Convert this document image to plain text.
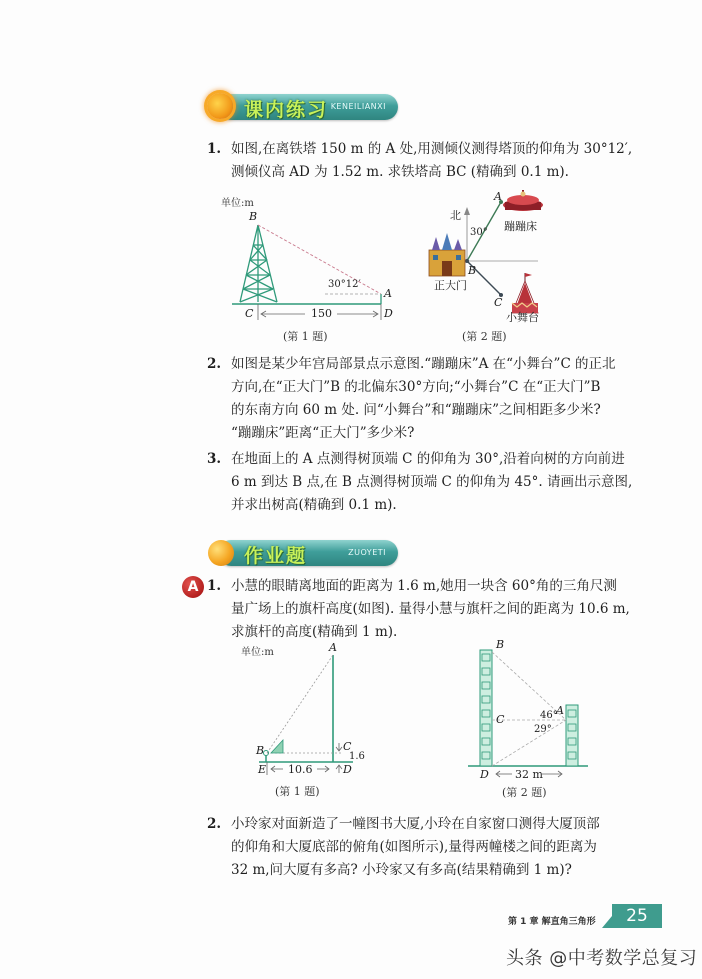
课内练习 KENEILIANXI
1. 如图,在离铁塔 150 m 的 A 处,用测倾仪测得塔顶的仰角为 30°12′,
测倾仪高 AD 为 1.52 m. 求铁塔高 BC (精确到 0.1 m).
单位:m
B
30°12′
A
C	D
150
(第 1 题)
北
30°
A
蹦蹦床
B
正大门
C
小舞台
(第 2 题)
2. 如图是某少年宫局部景点示意图.“蹦蹦床”A 在“小舞台”C 的正北
方向,在“正大门”B 的北偏东30°方向;“小舞台”C 在“正大门”B
的东南方向 60 m 处. 问“小舞台”和“蹦蹦床”之间相距多少米?
“蹦蹦床”距离“正大门”多少米?
3. 在地面上的 A 点测得树顶端 C 的仰角为 30°,沿着向树的方向前进
6 m 到达 B 点,在 B 点测得树顶端 C 的仰角为 45°. 请画出示意图,
并求出树高(精确到 0.1 m).
作业题	ZUOYETI
A 1. 小慧的眼睛离地面的距离为 1.6 m,她用一块含 60°角的三角尺测
量广场上的旗杆高度(如图). 量得小慧与旗杆之间的距离为 10.6 m,
求旗杆的高度(精确到 1 m).
单位:m	A
B	C
1.6
E 10.6	D
(第 1 题)
B
A
46°
C
29°
D 32 m
(第 2 题)
2. 小玲家对面新造了一幢图书大厦,小玲在自家窗口测得大厦顶部
的仰角和大厦底部的俯角(如图所示),量得两幢楼之间的距离为
32 m,问大厦有多高? 小玲家又有多高(结果精确到 1 m)?
第 1 章 解直角三角形	25
头条 @中考数学总复习
